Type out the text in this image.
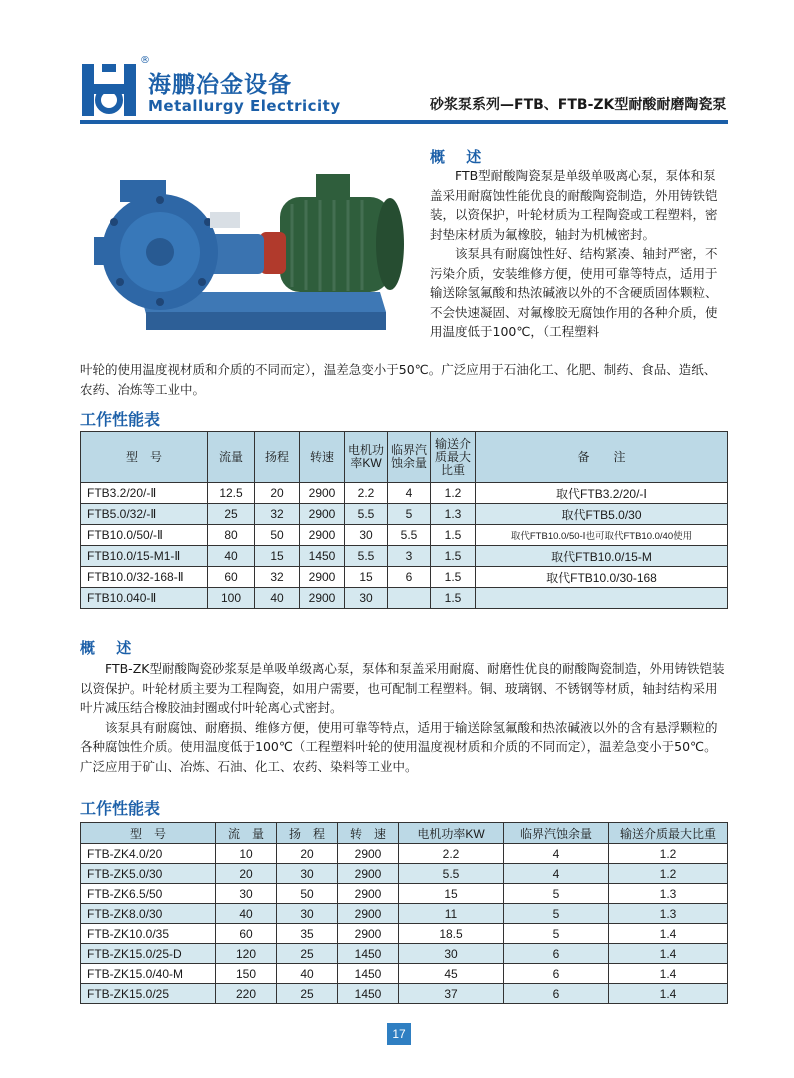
®
海鹏冶金设备
Metallurgy Electricity	砂浆泵系列—FTB、FTB-ZK型耐酸耐磨陶瓷泵
概 述

FTB型耐酸陶瓷泵是单级单吸离心泵，泵体和泵盖采用耐腐蚀性能优良的耐酸陶瓷制造，外用铸铁铠装，以资保护，叶轮材质为工程陶瓷或工程塑料，密封垫床材质为氟橡胶，轴封为机械密封。

该泵具有耐腐蚀性好、结构紧凑、轴封严密，不污染介质，安装维修方便，使用可靠等特点，适用于输送除氢氟酸和热浓碱液以外的不含硬质固体颗粒、不会快速凝固、对氟橡胶无腐蚀作用的各种介质，使用温度低于100℃，（工程塑料

叶轮的使用温度视材质和介质的不同而定），温差急变小于50℃。广泛应用于石油化工、化肥、制药、食品、造纸、农药、冶炼等工业中。
工作性能表
型　号	流量	扬程	转速	电机功率KW	临界汽蚀余量	输送介质最大比重	备　　注
FTB3.2/20/-Ⅱ	12.5	20	2900	2.2	4	1.2	取代FTB3.2/20/-Ⅰ
FTB5.0/32/-Ⅱ	25	32	2900	5.5	5	1.3	取代FTB5.0/30
FTB10.0/50/-Ⅱ	80	50	2900	30	5.5	1.5	取代FTB10.0/50-Ⅰ也可取代FTB10.0/40使用
FTB10.0/15-M1-Ⅱ	40	15	1450	5.5	3	1.5	取代FTB10.0/15-M
FTB10.0/32-168-Ⅱ	60	32	2900	15	6	1.5	取代FTB10.0/30-168
FTB10.040-Ⅱ	100	40	2900	30		1.5	
概 述

FTB-ZK型耐酸陶瓷砂浆泵是单吸单级离心泵，泵体和泵盖采用耐腐、耐磨性优良的耐酸陶瓷制造，外用铸铁铠装以资保护。叶轮材质主要为工程陶瓷，如用户需要，也可配制工程塑料。铜、玻璃钢、不锈钢等材质，轴封结构采用叶片减压结合橡胶油封圈或付叶轮离心式密封。

该泵具有耐腐蚀、耐磨损、维修方便，使用可靠等特点，适用于输送除氢氟酸和热浓碱液以外的含有悬浮颗粒的各种腐蚀性介质。使用温度低于100℃（工程塑料叶轮的使用温度视材质和介质的不同而定），温差急变小于50℃。广泛应用于矿山、冶炼、石油、化工、农药、染料等工业中。

工作性能表
型　号	流　量	扬　程	转　速	电机功率KW	临界汽蚀余量	输送介质最大比重
FTB-ZK4.0/20	10	20	2900	2.2	4	1.2
FTB-ZK5.0/30	20	30	2900	5.5	4	1.2
FTB-ZK6.5/50	30	50	2900	15	5	1.3
FTB-ZK8.0/30	40	30	2900	11	5	1.3
FTB-ZK10.0/35	60	35	2900	18.5	5	1.4
FTB-ZK15.0/25-D	120	25	1450	30	6	1.4
FTB-ZK15.0/40-M	150	40	1450	45	6	1.4
FTB-ZK15.0/25	220	25	1450	37	6	1.4
17
